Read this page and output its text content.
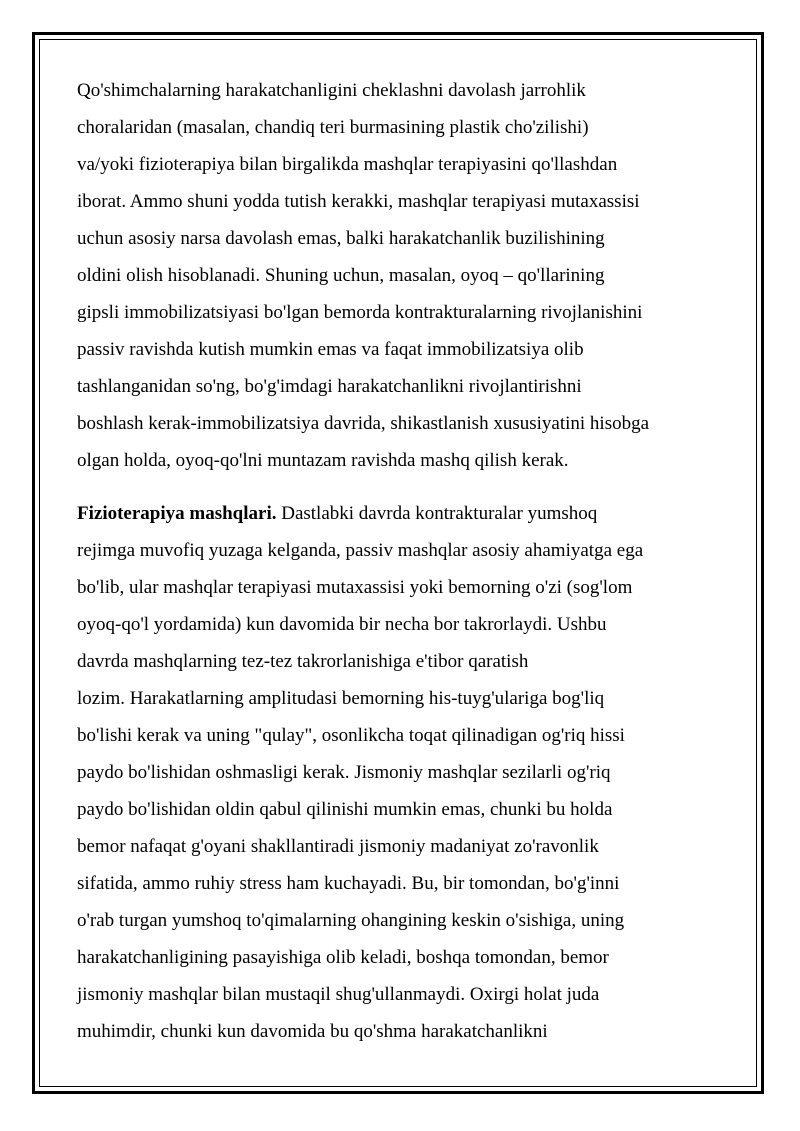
Qo'shimchalarning harakatchanligini cheklashni davolash jarrohlik
choralaridan (masalan, chandiq teri burmasining plastik cho'zilishi)
va/yoki fizioterapiya bilan birgalikda mashqlar terapiyasini qo'llashdan
iborat. Ammo shuni yodda tutish kerakki, mashqlar terapiyasi mutaxassisi
uchun asosiy narsa davolash emas, balki harakatchanlik buzilishining
oldini olish hisoblanadi. Shuning uchun, masalan, oyoq – qo'llarining
gipsli immobilizatsiyasi bo'lgan bemorda kontrakturalarning rivojlanishini
passiv ravishda kutish mumkin emas va faqat immobilizatsiya olib
tashlanganidan so'ng, bo'g'imdagi harakatchanlikni rivojlantirishni
boshlash kerak-immobilizatsiya davrida, shikastlanish xususiyatini hisobga
olgan holda, oyoq-qo'lni muntazam ravishda mashq qilish kerak.

Fizioterapiya mashqlari. Dastlabki davrda kontrakturalar yumshoq
rejimga muvofiq yuzaga kelganda, passiv mashqlar asosiy ahamiyatga ega
bo'lib, ular mashqlar terapiyasi mutaxassisi yoki bemorning o'zi (sog'lom
oyoq-qo'l yordamida) kun davomida bir necha bor takrorlaydi. Ushbu
davrda mashqlarning tez-tez takrorlanishiga e'tibor qaratish
lozim. Harakatlarning amplitudasi bemorning his-tuyg'ulariga bog'liq
bo'lishi kerak va uning "qulay", osonlikcha toqat qilinadigan og'riq hissi
paydo bo'lishidan oshmasligi kerak. Jismoniy mashqlar sezilarli og'riq
paydo bo'lishidan oldin qabul qilinishi mumkin emas, chunki bu holda
bemor nafaqat g'oyani shakllantiradi jismoniy madaniyat zo'ravonlik
sifatida, ammo ruhiy stress ham kuchayadi. Bu, bir tomondan, bo'g'inni
o'rab turgan yumshoq to'qimalarning ohangining keskin o'sishiga, uning
harakatchanligining pasayishiga olib keladi, boshqa tomondan, bemor
jismoniy mashqlar bilan mustaqil shug'ullanmaydi. Oxirgi holat juda
muhimdir, chunki kun davomida bu qo'shma harakatchanlikni
